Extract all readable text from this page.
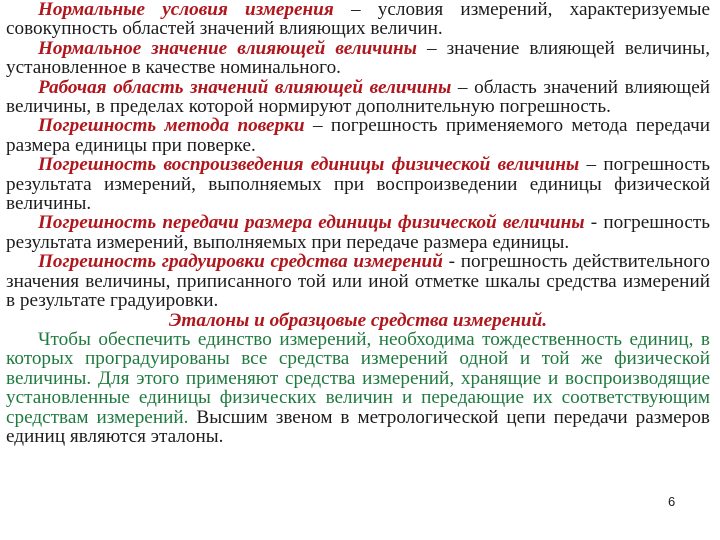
Нормальные условия измерения – условия измерений, характеризуемые совокупность областей значений влияющих величин.

Нормальное значение влияющей величины – значение влияющей величины, установленное в качестве номинального.

Рабочая область значений влияющей величины – область значений влияющей величины, в пределах которой нормируют дополнительную погрешность.

Погрешность метода поверки – погрешность применяемого метода передачи размера единицы при поверке.

Погрешность воспроизведения единицы физической величины – погрешность результата измерений, выполняемых при воспроизведении единицы физической величины.

Погрешность передачи размера единицы физической величины - погрешность результата измерений, выполняемых при передаче размера единицы.

Погрешность градуировки средства измерений - погрешность действительного значения величины, приписанного той или иной отметке шкалы средства измерений в результате градуировки.

Эталоны и образцовые средства измерений.

Чтобы обеспечить единство измерений, необходима тождественность единиц, в которых проградуированы все средства измерений одной и той же физической величины. Для этого применяют средства измерений, хранящие и воспроизводящие установленные единицы физических величин и передающие их соответствующим средствам измерений. Высшим звеном в метрологической цепи передачи размеров единиц являются эталоны.

6
